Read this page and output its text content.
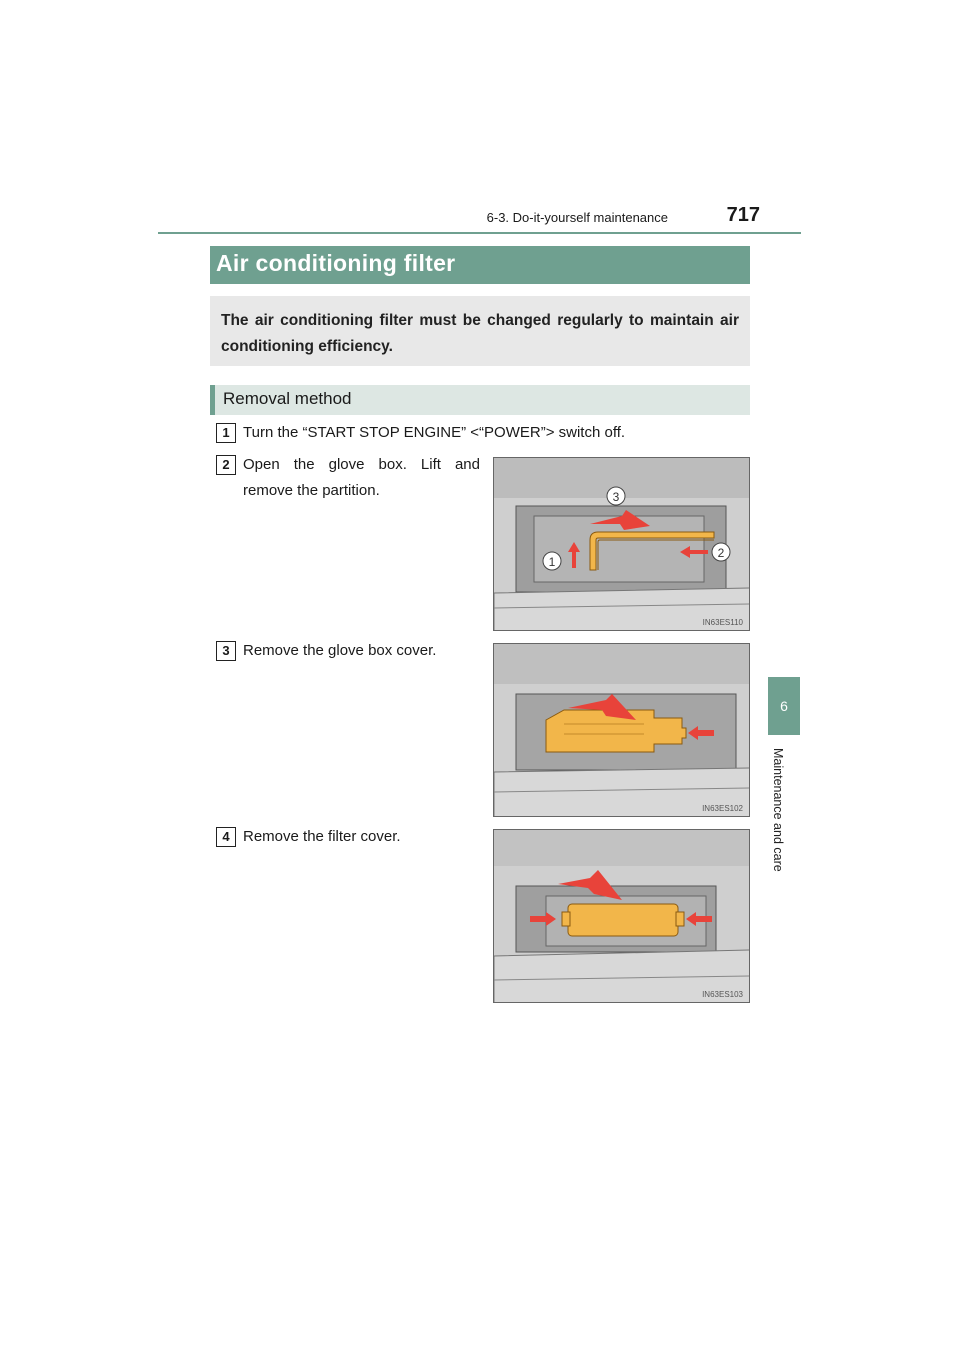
6-3. Do-it-yourself maintenance	717
6
Maintenance and care
Air conditioning filter

The air conditioning filter must be changed regularly to maintain air conditioning efficiency.

Removal method
1 Turn the “START STOP ENGINE” <“POWER”> switch off.
2 Open the glove box. Lift and remove the partition.	3
1
2
IN63ES110
3 Remove the glove box cover.
IN63ES102
4 Remove the filter cover.
IN63ES103
